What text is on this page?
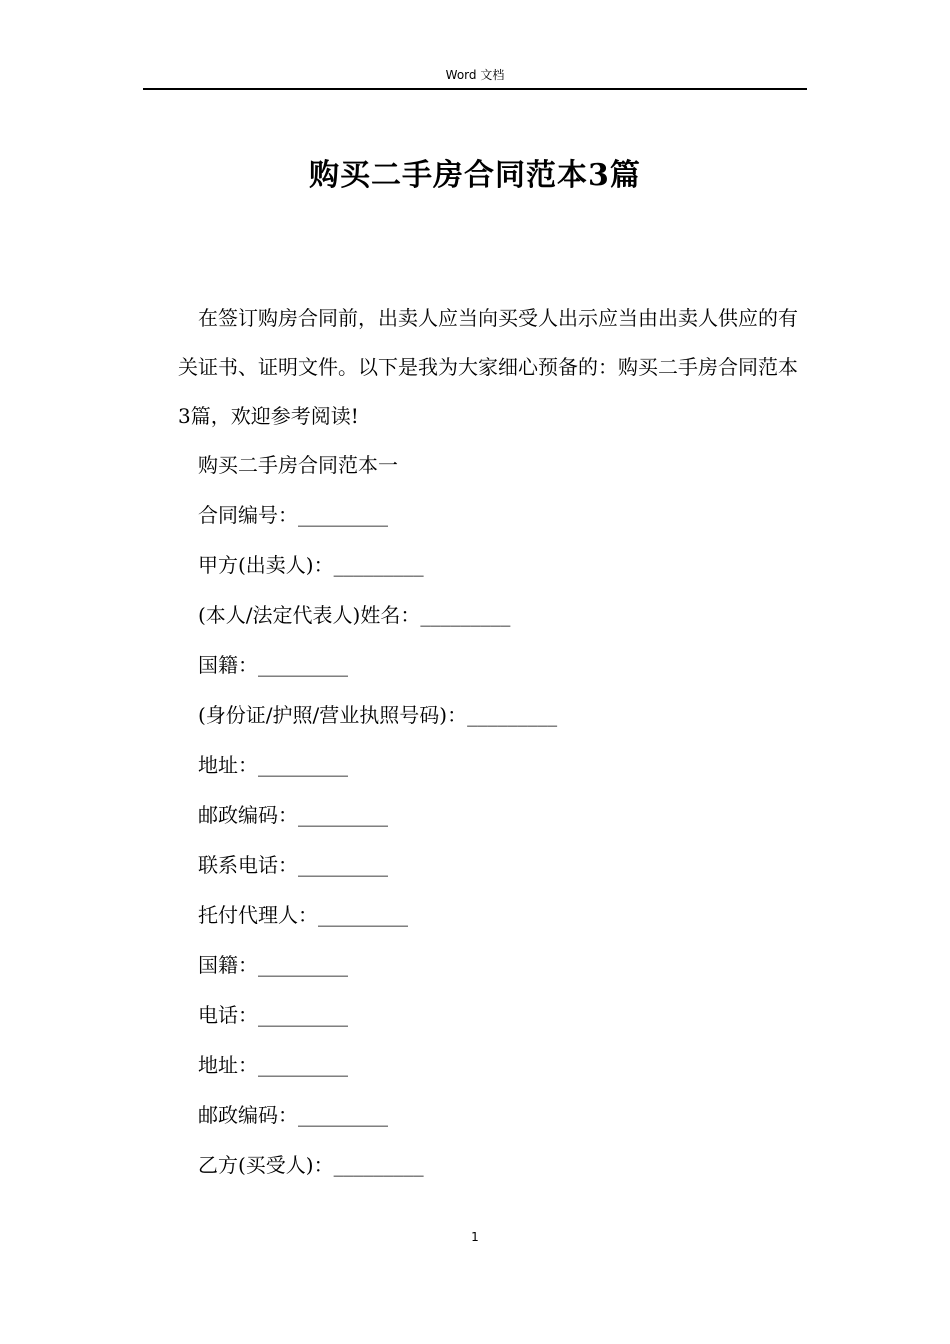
Word 文档
购买二手房合同范本3篇

在签订购房合同前，出卖人应当向买受人出示应当由出卖人供应的有关证书、证明文件。以下是我为大家细心预备的：购买二手房合同范本3篇，欢迎参考阅读!

购买二手房合同范本一
合同编号：_________
甲方(出卖人)：_________
(本人/法定代表人)姓名：_________
国籍：_________
(身份证/护照/营业执照号码)：_________
地址：_________
邮政编码：_________
联系电话：_________
托付代理人：_________
国籍：_________
电话：_________
地址：_________
邮政编码：_________
乙方(买受人)：_________
1
